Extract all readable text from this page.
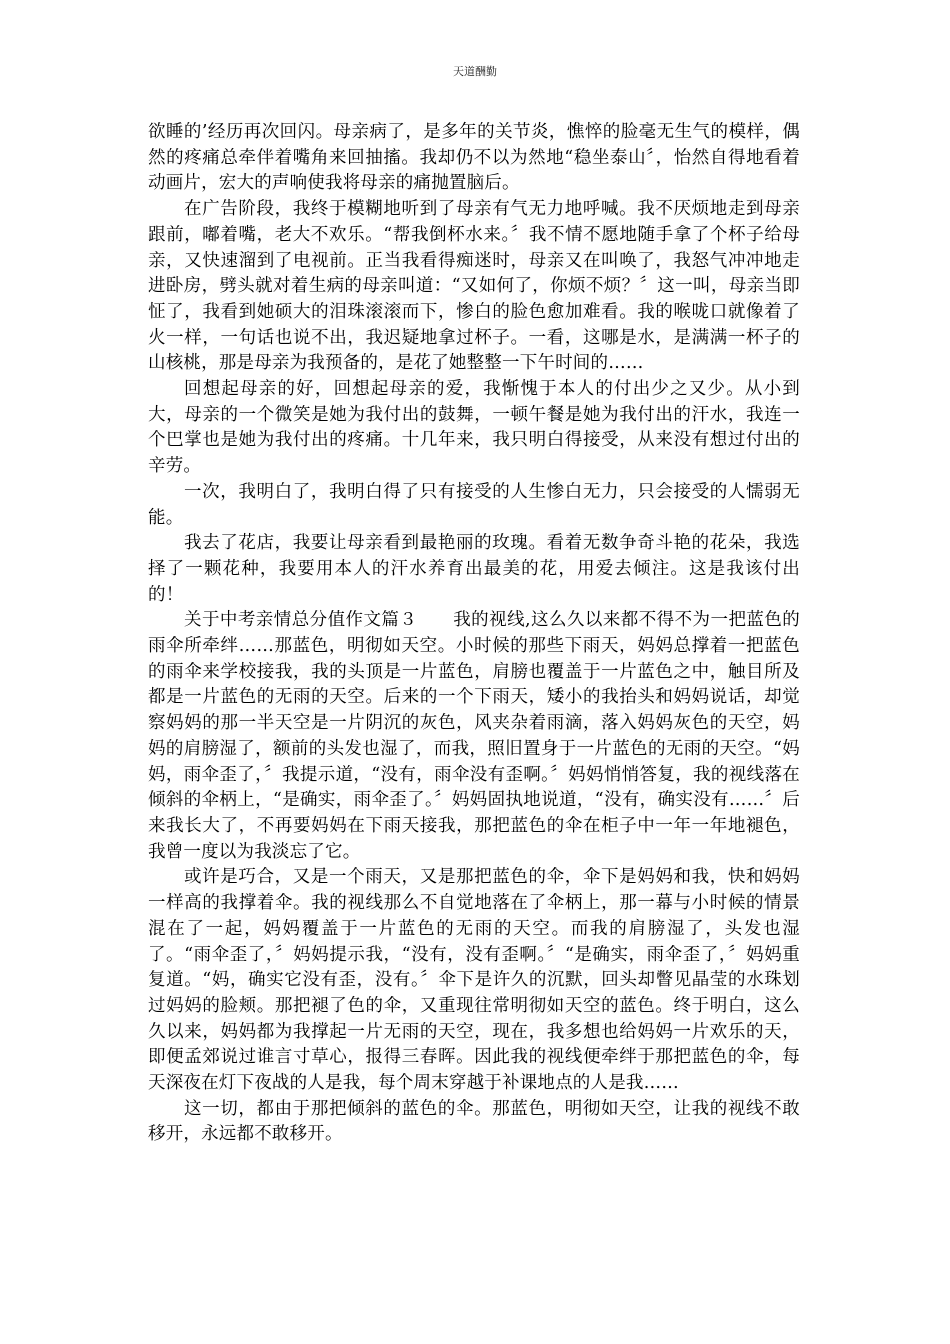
天道酬勤

欲睡的’经历再次回闪。母亲病了，是多年的关节炎，憔悴的脸毫无生气的模样，偶然的疼痛总牵伴着嘴角来回抽搐。我却仍不以为然地“稳坐泰山〞，怡然自得地看着动画片，宏大的声响使我将母亲的痛抛置脑后。

在广告阶段，我终于模糊地听到了母亲有气无力地呼喊。我不厌烦地走到母亲跟前，嘟着嘴，老大不欢乐。“帮我倒杯水来。〞我不情不愿地随手拿了个杯子给母亲，又快速溜到了电视前。正当我看得痴迷时，母亲又在叫唤了，我怒气冲冲地走进卧房，劈头就对着生病的母亲叫道：“又如何了，你烦不烦？〞这一叫，母亲当即怔了，我看到她硕大的泪珠滚滚而下，惨白的脸色愈加难看。我的喉咙口就像着了火一样，一句话也说不出，我迟疑地拿过杯子。一看，这哪是水，是满满一杯子的山核桃，那是母亲为我预备的，是花了她整整一下午时间的……

回想起母亲的好，回想起母亲的爱，我惭愧于本人的付出少之又少。从小到大，母亲的一个微笑是她为我付出的鼓舞，一顿午餐是她为我付出的汗水，我连一个巴掌也是她为我付出的疼痛。十几年来，我只明白得接受，从来没有想过付出的辛劳。

一次，我明白了，我明白得了只有接受的人生惨白无力，只会接受的人懦弱无能。

我去了花店，我要让母亲看到最艳丽的玫瑰。看着无数争奇斗艳的花朵，我选择了一颗花种，我要用本人的汗水养育出最美的花，用爱去倾注。这是我该付出的！

关于中考亲情总分值作文篇３　　我的视线,这么久以来都不得不为一把蓝色的雨伞所牵绊……那蓝色，明彻如天空。小时候的那些下雨天，妈妈总撑着一把蓝色的雨伞来学校接我，我的头顶是一片蓝色，肩膀也覆盖于一片蓝色之中，触目所及都是一片蓝色的无雨的天空。后来的一个下雨天，矮小的我抬头和妈妈说话，却觉察妈妈的那一半天空是一片阴沉的灰色，风夹杂着雨滴，落入妈妈灰色的天空，妈妈的肩膀湿了，额前的头发也湿了，而我，照旧置身于一片蓝色的无雨的天空。“妈妈，雨伞歪了，〞我提示道，“没有，雨伞没有歪啊。〞妈妈悄悄答复，我的视线落在倾斜的伞柄上，“是确实，雨伞歪了。〞妈妈固执地说道，“没有，确实没有……〞后来我长大了，不再要妈妈在下雨天接我，那把蓝色的伞在柜子中一年一年地褪色，我曾一度以为我淡忘了它。

或许是巧合，又是一个雨天，又是那把蓝色的伞，伞下是妈妈和我，快和妈妈一样高的我撑着伞。我的视线那么不自觉地落在了伞柄上，那一幕与小时候的情景混在了一起，妈妈覆盖于一片蓝色的无雨的天空。而我的肩膀湿了，头发也湿了。“雨伞歪了，〞妈妈提示我，“没有，没有歪啊。〞“是确实，雨伞歪了，〞妈妈重复道。“妈，确实它没有歪，没有。〞伞下是许久的沉默，回头却瞥见晶莹的水珠划过妈妈的脸颊。那把褪了色的伞，又重现往常明彻如天空的蓝色。终于明白，这么久以来，妈妈都为我撑起一片无雨的天空，现在，我多想也给妈妈一片欢乐的天，即便孟郊说过谁言寸草心，报得三春晖。因此我的视线便牵绊于那把蓝色的伞，每天深夜在灯下夜战的人是我，每个周末穿越于补课地点的人是我……

这一切，都由于那把倾斜的蓝色的伞。那蓝色，明彻如天空，让我的视线不敢移开，永远都不敢移开。
